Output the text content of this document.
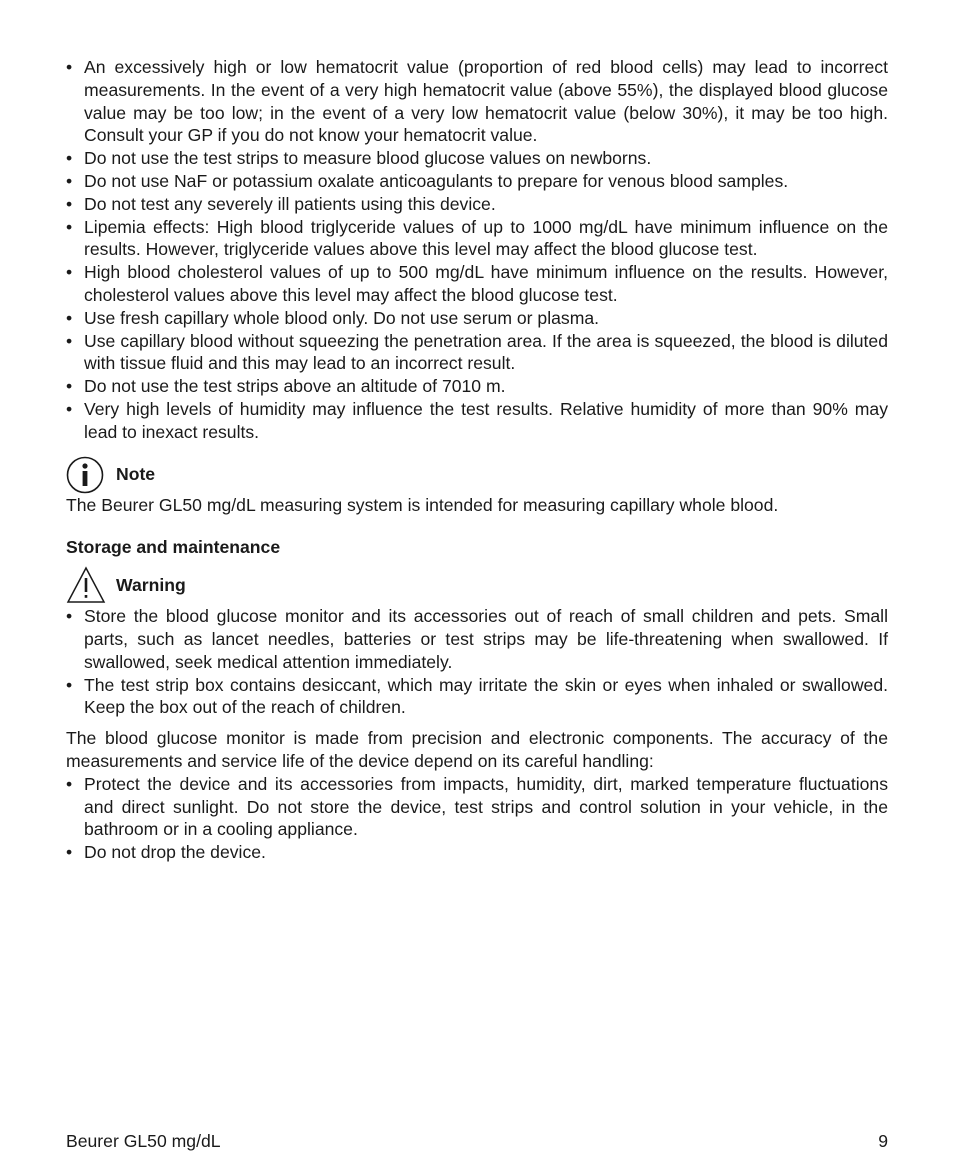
• An excessively high or low hematocrit value (proportion of red blood cells) may lead to incorrect measurements. In the event of a very high hematocrit value (above 55%), the displayed blood glucose value may be too low; in the event of a very low hematocrit value (below 30%), it may be too high. Consult your GP if you do not know your hematocrit value.
• Do not use the test strips to measure blood glucose values on newborns.
• Do not use NaF or potassium oxalate anticoagulants to prepare for venous blood samples.
• Do not test any severely ill patients using this device.
• Lipemia effects: High blood triglyceride values of up to 1000 mg/dL have minimum influence on the results. However, triglyceride values above this level may affect the blood glucose test.
• High blood cholesterol values of up to 500 mg/dL have minimum influence on the results. However, cholesterol values above this level may affect the blood glucose test.
• Use fresh capillary whole blood only. Do not use serum or plasma.
• Use capillary blood without squeezing the penetration area. If the area is squeezed, the blood is diluted with tissue fluid and this may lead to an incorrect result.
• Do not use the test strips above an altitude of 7010 m.
• Very high levels of humidity may influence the test results. Relative humidity of more than 90% may lead to inexact results.
Note
The Beurer GL50 mg/dL measuring system is intended for measuring capillary whole blood.
Storage and maintenance
Warning
• Store the blood glucose monitor and its accessories out of reach of small children and pets. Small parts, such as lancet needles, batteries or test strips may be life-threatening when swallowed. If swallowed, seek medical attention immediately.
• The test strip box contains desiccant, which may irritate the skin or eyes when inhaled or swallowed. Keep the box out of the reach of children.
The blood glucose monitor is made from precision and electronic components. The accuracy of the measurements and service life of the device depend on its careful handling:
• Protect the device and its accessories from impacts, humidity, dirt, marked temperature fluctuations and direct sunlight. Do not store the device, test strips and control solution in your vehicle, in the bathroom or in a cooling appliance.
• Do not drop the device.
Beurer GL50 mg/dL	9
